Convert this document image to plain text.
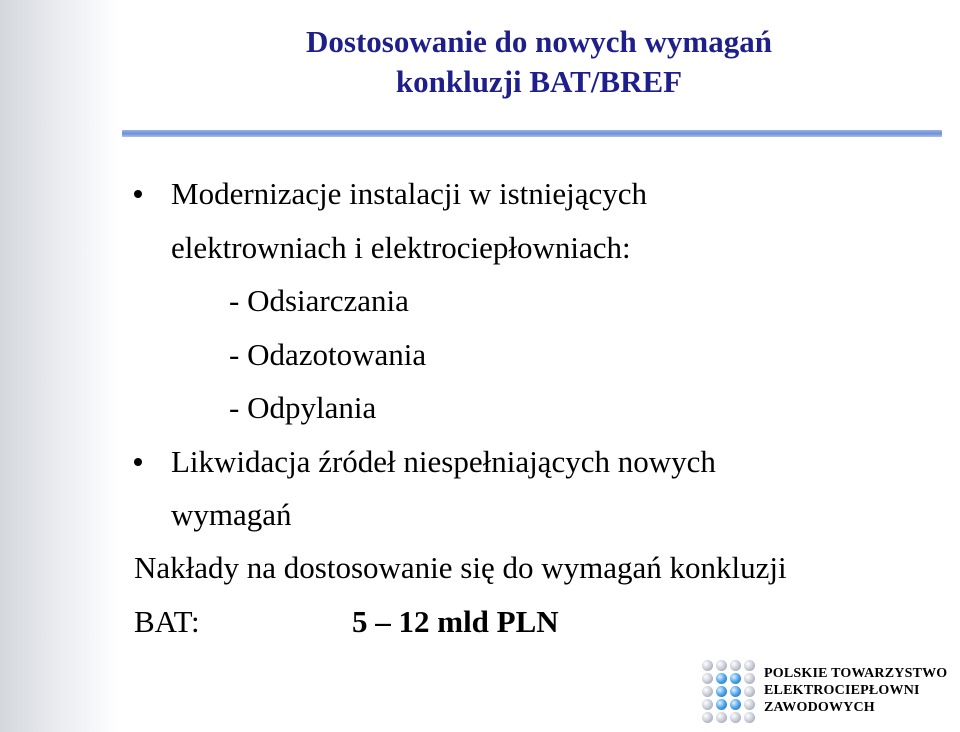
Dostosowanie do nowych wymagań
konkluzji BAT/BREF
Modernizacje instalacji w istniejących
elektrowniach i elektrociepłowniach:
- Odsiarczania
- Odazotowania
- Odpylania
Likwidacja źródeł niespełniających nowych
wymagań
Nakłady na dostosowanie się do wymagań konkluzji
BAT:	5 – 12 mld PLN
POLSKIE TOWARZYSTWO
ELEKTROCIEPŁOWNI
ZAWODOWYCH
